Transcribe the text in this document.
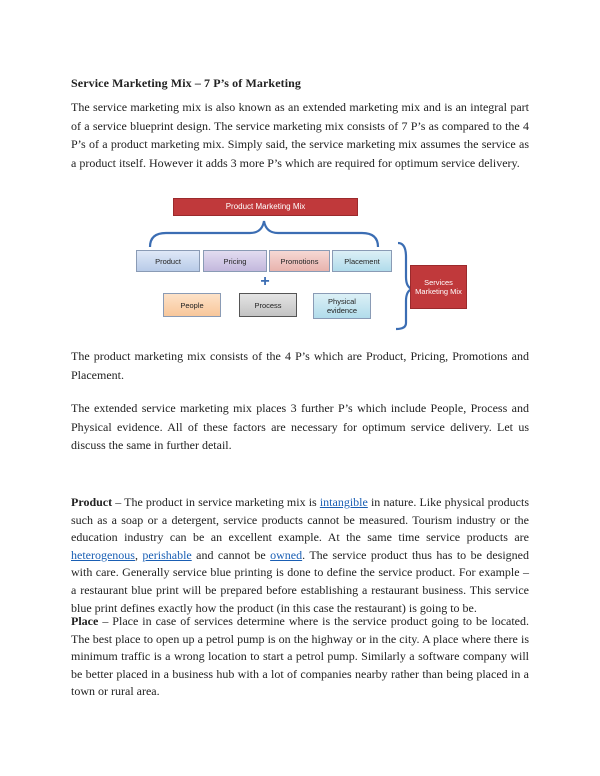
Service Marketing Mix – 7 P’s of Marketing

The service marketing mix is also known as an extended marketing mix and is an integral part of a service blueprint design. The service marketing mix consists of 7 P’s as compared to the 4 P’s of a product marketing mix. Simply said, the service marketing mix assumes the service as a product itself. However it adds 3 more P’s which are required for optimum service delivery.

Product Marketing Mix
Product	Pricing	Promotions	Placement
+
People	Process	Physical evidence
Services Marketing Mix

The product marketing mix consists of the 4 P’s which are Product, Pricing, Promotions and Placement.

The extended service marketing mix places 3 further P’s which include People, Process and Physical evidence. All of these factors are necessary for optimum service delivery. Let us discuss the same in further detail.

Product – The product in service marketing mix is intangible in nature. Like physical products such as a soap or a detergent, service products cannot be measured. Tourism industry or the education industry can be an excellent example. At the same time service products are heterogenous, perishable and cannot be owned. The service product thus has to be designed with care. Generally service blue printing is done to define the service product. For example – a restaurant blue print will be prepared before establishing a restaurant business. This service blue print defines exactly how the product (in this case the restaurant) is going to be.

Place – Place in case of services determine where is the service product going to be located. The best place to open up a petrol pump is on the highway or in the city. A place where there is minimum traffic is a wrong location to start a petrol pump. Similarly a software company will be better placed in a business hub with a lot of companies nearby rather than being placed in a town or rural area.
